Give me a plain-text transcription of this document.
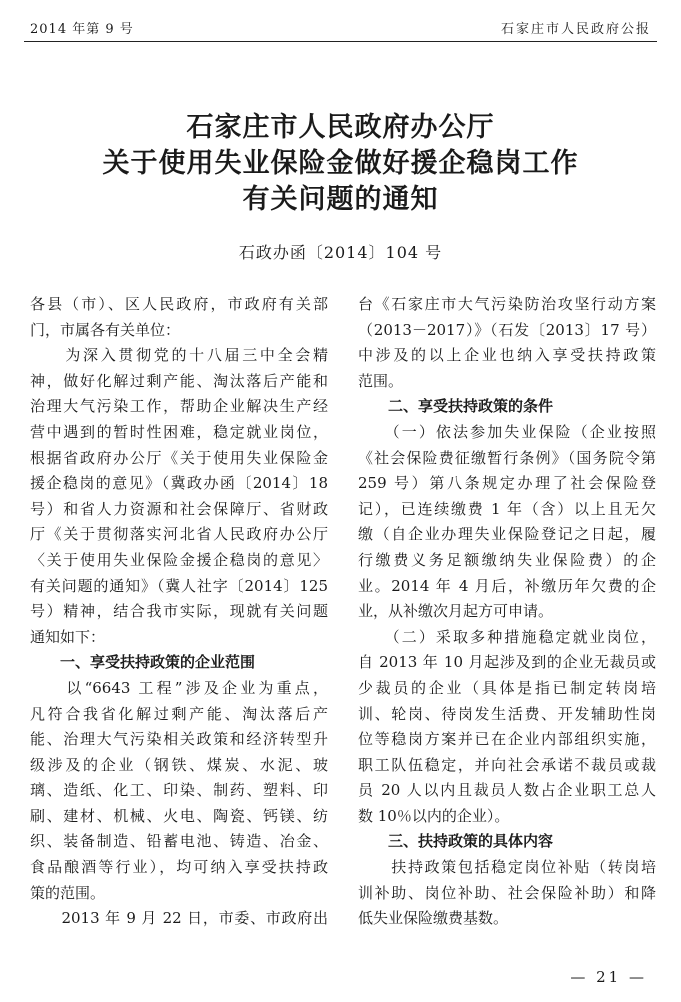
2014 年第 9 号	石家庄市人民政府公报
石家庄市人民政府办公厅
关于使用失业保险金做好援企稳岗工作
有关问题的通知
石政办函〔2014〕104 号
各县（市）、区人民政府，市政府有关部
门，市属各有关单位：
　　为深入贯彻党的十八届三中全会精
神，做好化解过剩产能、淘汰落后产能和
治理大气污染工作，帮助企业解决生产经
营中遇到的暂时性困难，稳定就业岗位，
根据省政府办公厅《关于使用失业保险金
援企稳岗的意见》（冀政办函〔2014〕18
号）和省人力资源和社会保障厅、省财政
厅《关于贯彻落实河北省人民政府办公厅
〈关于使用失业保险金援企稳岗的意见〉
有关问题的通知》（冀人社字〔2014〕125
号）精神，结合我市实际，现就有关问题
通知如下：
一、享受扶持政策的企业范围
　　以“6643 工程”涉及企业为重点，
凡符合我省化解过剩产能、淘汰落后产
能、治理大气污染相关政策和经济转型升
级涉及的企业（钢铁、煤炭、水泥、玻
璃、造纸、化工、印染、制药、塑料、印
刷、建材、机械、火电、陶瓷、钙镁、纺
织、装备制造、铅蓄电池、铸造、冶金、
食品酿酒等行业），均可纳入享受扶持政
策的范围。
　　2013 年 9 月 22 日，市委、市政府出
台《石家庄市大气污染防治攻坚行动方案
（2013－2017）》（石发〔2013〕17 号）
中涉及的以上企业也纳入享受扶持政策
范围。
二、享受扶持政策的条件
　　（一）依法参加失业保险（企业按照
《社会保险费征缴暂行条例》（国务院令第
259 号）第八条规定办理了社会保险登
记），已连续缴费 1 年（含）以上且无欠
缴（自企业办理失业保险登记之日起，履
行缴费义务足额缴纳失业保险费）的企
业。2014 年 4 月后，补缴历年欠费的企
业，从补缴次月起方可申请。
　　（二）采取多种措施稳定就业岗位，
自 2013 年 10 月起涉及到的企业无裁员或
少裁员的企业（具体是指已制定转岗培
训、轮岗、待岗发生活费、开发辅助性岗
位等稳岗方案并已在企业内部组织实施，
职工队伍稳定，并向社会承诺不裁员或裁
员 20 人以内且裁员人数占企业职工总人
数 10％以内的企业）。
三、扶持政策的具体内容
　　扶持政策包括稳定岗位补贴（转岗培
训补助、岗位补助、社会保险补助）和降
低失业保险缴费基数。
— 21 —
